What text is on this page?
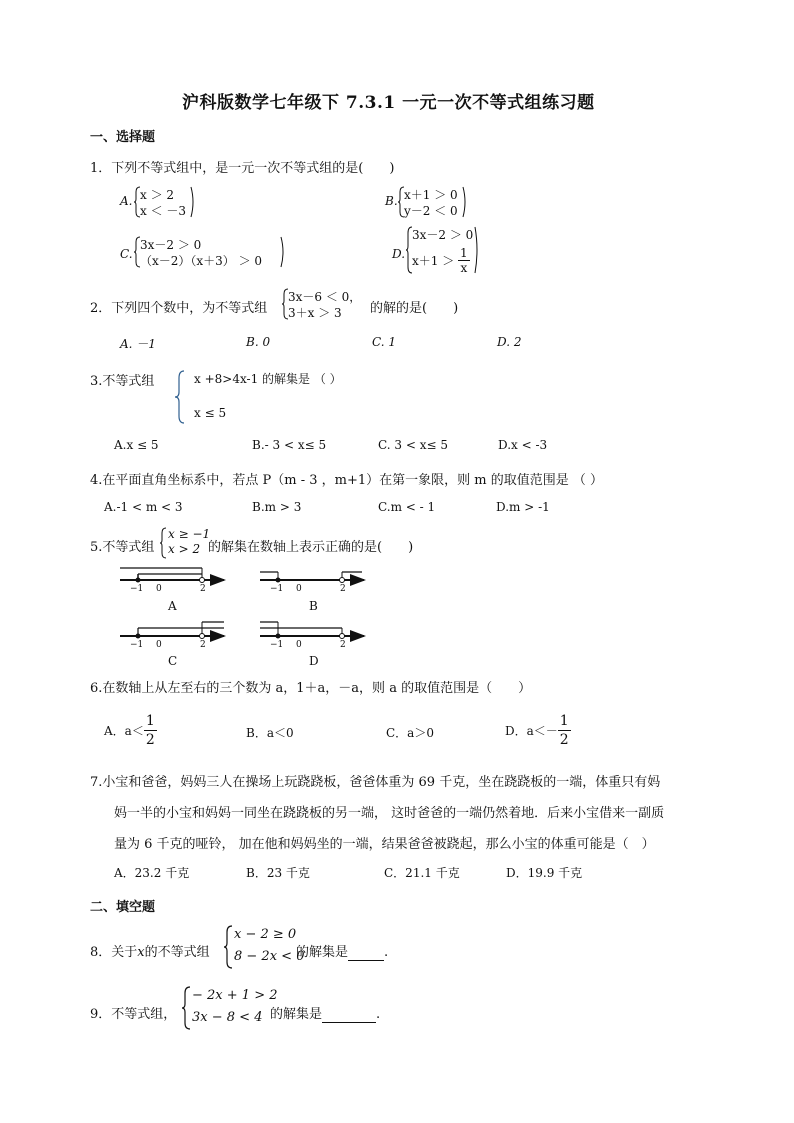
沪科版数学七年级下 7.3.1 一元一次不等式组练习题
一、选择题
1．下列不等式组中，是一元一次不等式组的是(　　)
A. x ＞ 2
x ＜ －3
B. x＋1 ＞ 0
y－2 ＜ 0
C.
3x－2 ＞ 0
（x－2）（x＋3） ＞ 0	D.
3x－2 ＞ 0
$x+1 > \frac{1}{x}$
2．下列四个数中，为不等式组
3x－6 ＜ 0，
3＋x ＞ 3 的解的是(　　)
A. －1	B. 0	C. 1	D. 2
3.不等式组	x +8>4x-1 的解集是 （ ）
x ≤ 5
A.x ≤ 5	B.- 3 < x≤ 5	C. 3 < x≤ 5	D.x < -3
4.在平面直角坐标系中，若点 P（m - 3 ，m+1）在第一象限，则 m 的取值范围是 （ ）
A.-1 < m < 3	B.m > 3	C.m < - 1	D.m > -1
5.不等式组
x ≥ −1
x > 2 的解集在数轴上表示正确的是(　　)
−1 0	2	−1 0	2
−1 0	2	−1 0	2
A	B
C	D
6.在数轴上从左至右的三个数为 a，1＋a，－a，则 a 的取值范围是（　　）
A．$a< \frac{1}{2}$	B．a＜0	C．a＞0	D．$a<- \frac{1}{2}$
7.小宝和爸爸，妈妈三人在操场上玩跷跷板，爸爸体重为 69 千克，坐在跷跷板的一端，体重只有妈
妈一半的小宝和妈妈一同坐在跷跷板的另一端， 这时爸爸的一端仍然着地．后来小宝借来一副质
量为 6 千克的哑铃， 加在他和妈妈坐的一端，结果爸爸被跷起，那么小宝的体重可能是（　）
A．23.2 千克	B．23 千克	C．21.1 千克	D．19.9 千克
二、填空题
8．关于x的不等式组
x − 2 ≥ 0
8 − 2x < 0
的解集是	.
9．不等式组，
− 2x + 1 > 2
3x − 8 < 4 的解集是	.
